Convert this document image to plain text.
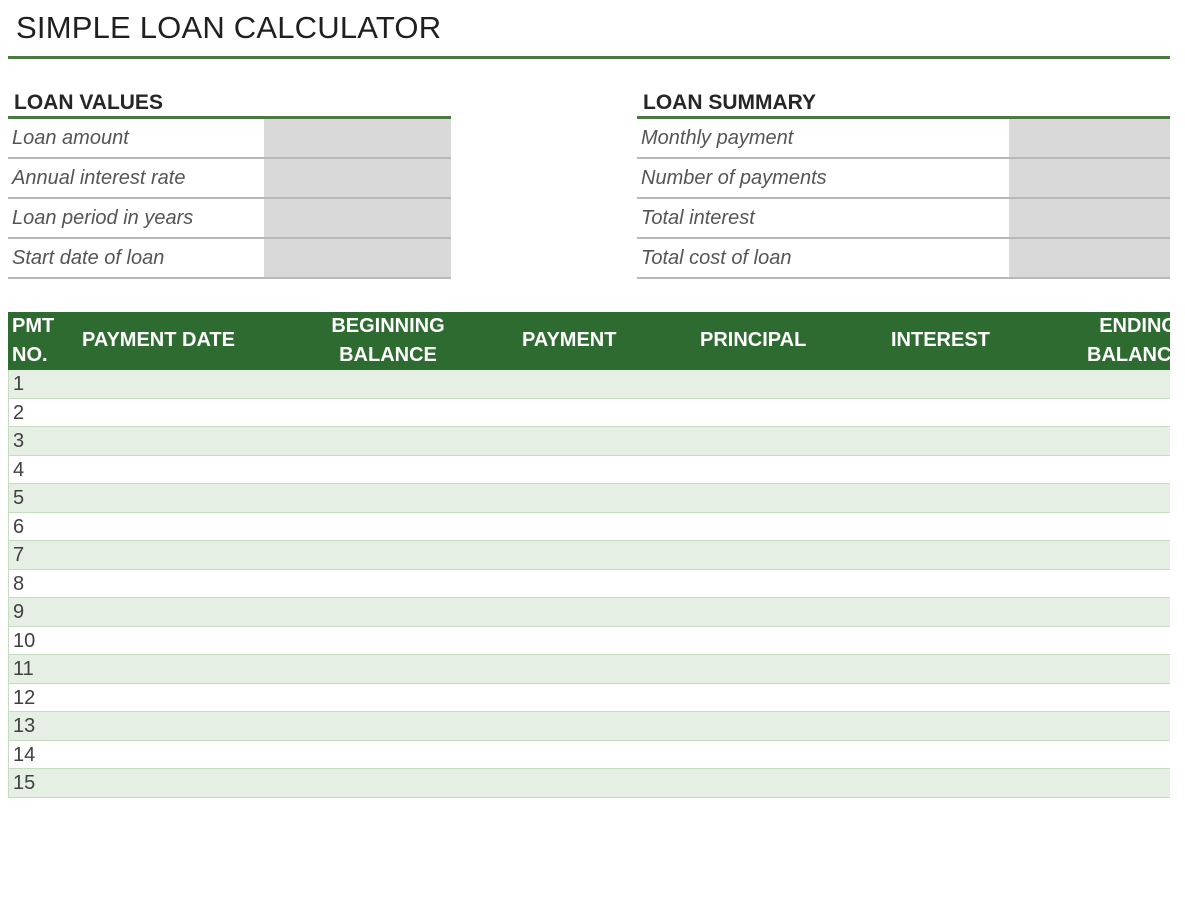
SIMPLE LOAN CALCULATOR
LOAN VALUES
Loan amount
Annual interest rate
Loan period in years
Start date of loan
LOAN SUMMARY
Monthly payment
Number of payments
Total interest
Total cost of loan
PMT
NO.
PAYMENT DATE
BEGINNING
BALANCE
PAYMENT	PRINCIPAL	INTEREST
ENDING
BALANCE
1
2
3
4
5
6
7
8
9
10
11
12
13
14
15
